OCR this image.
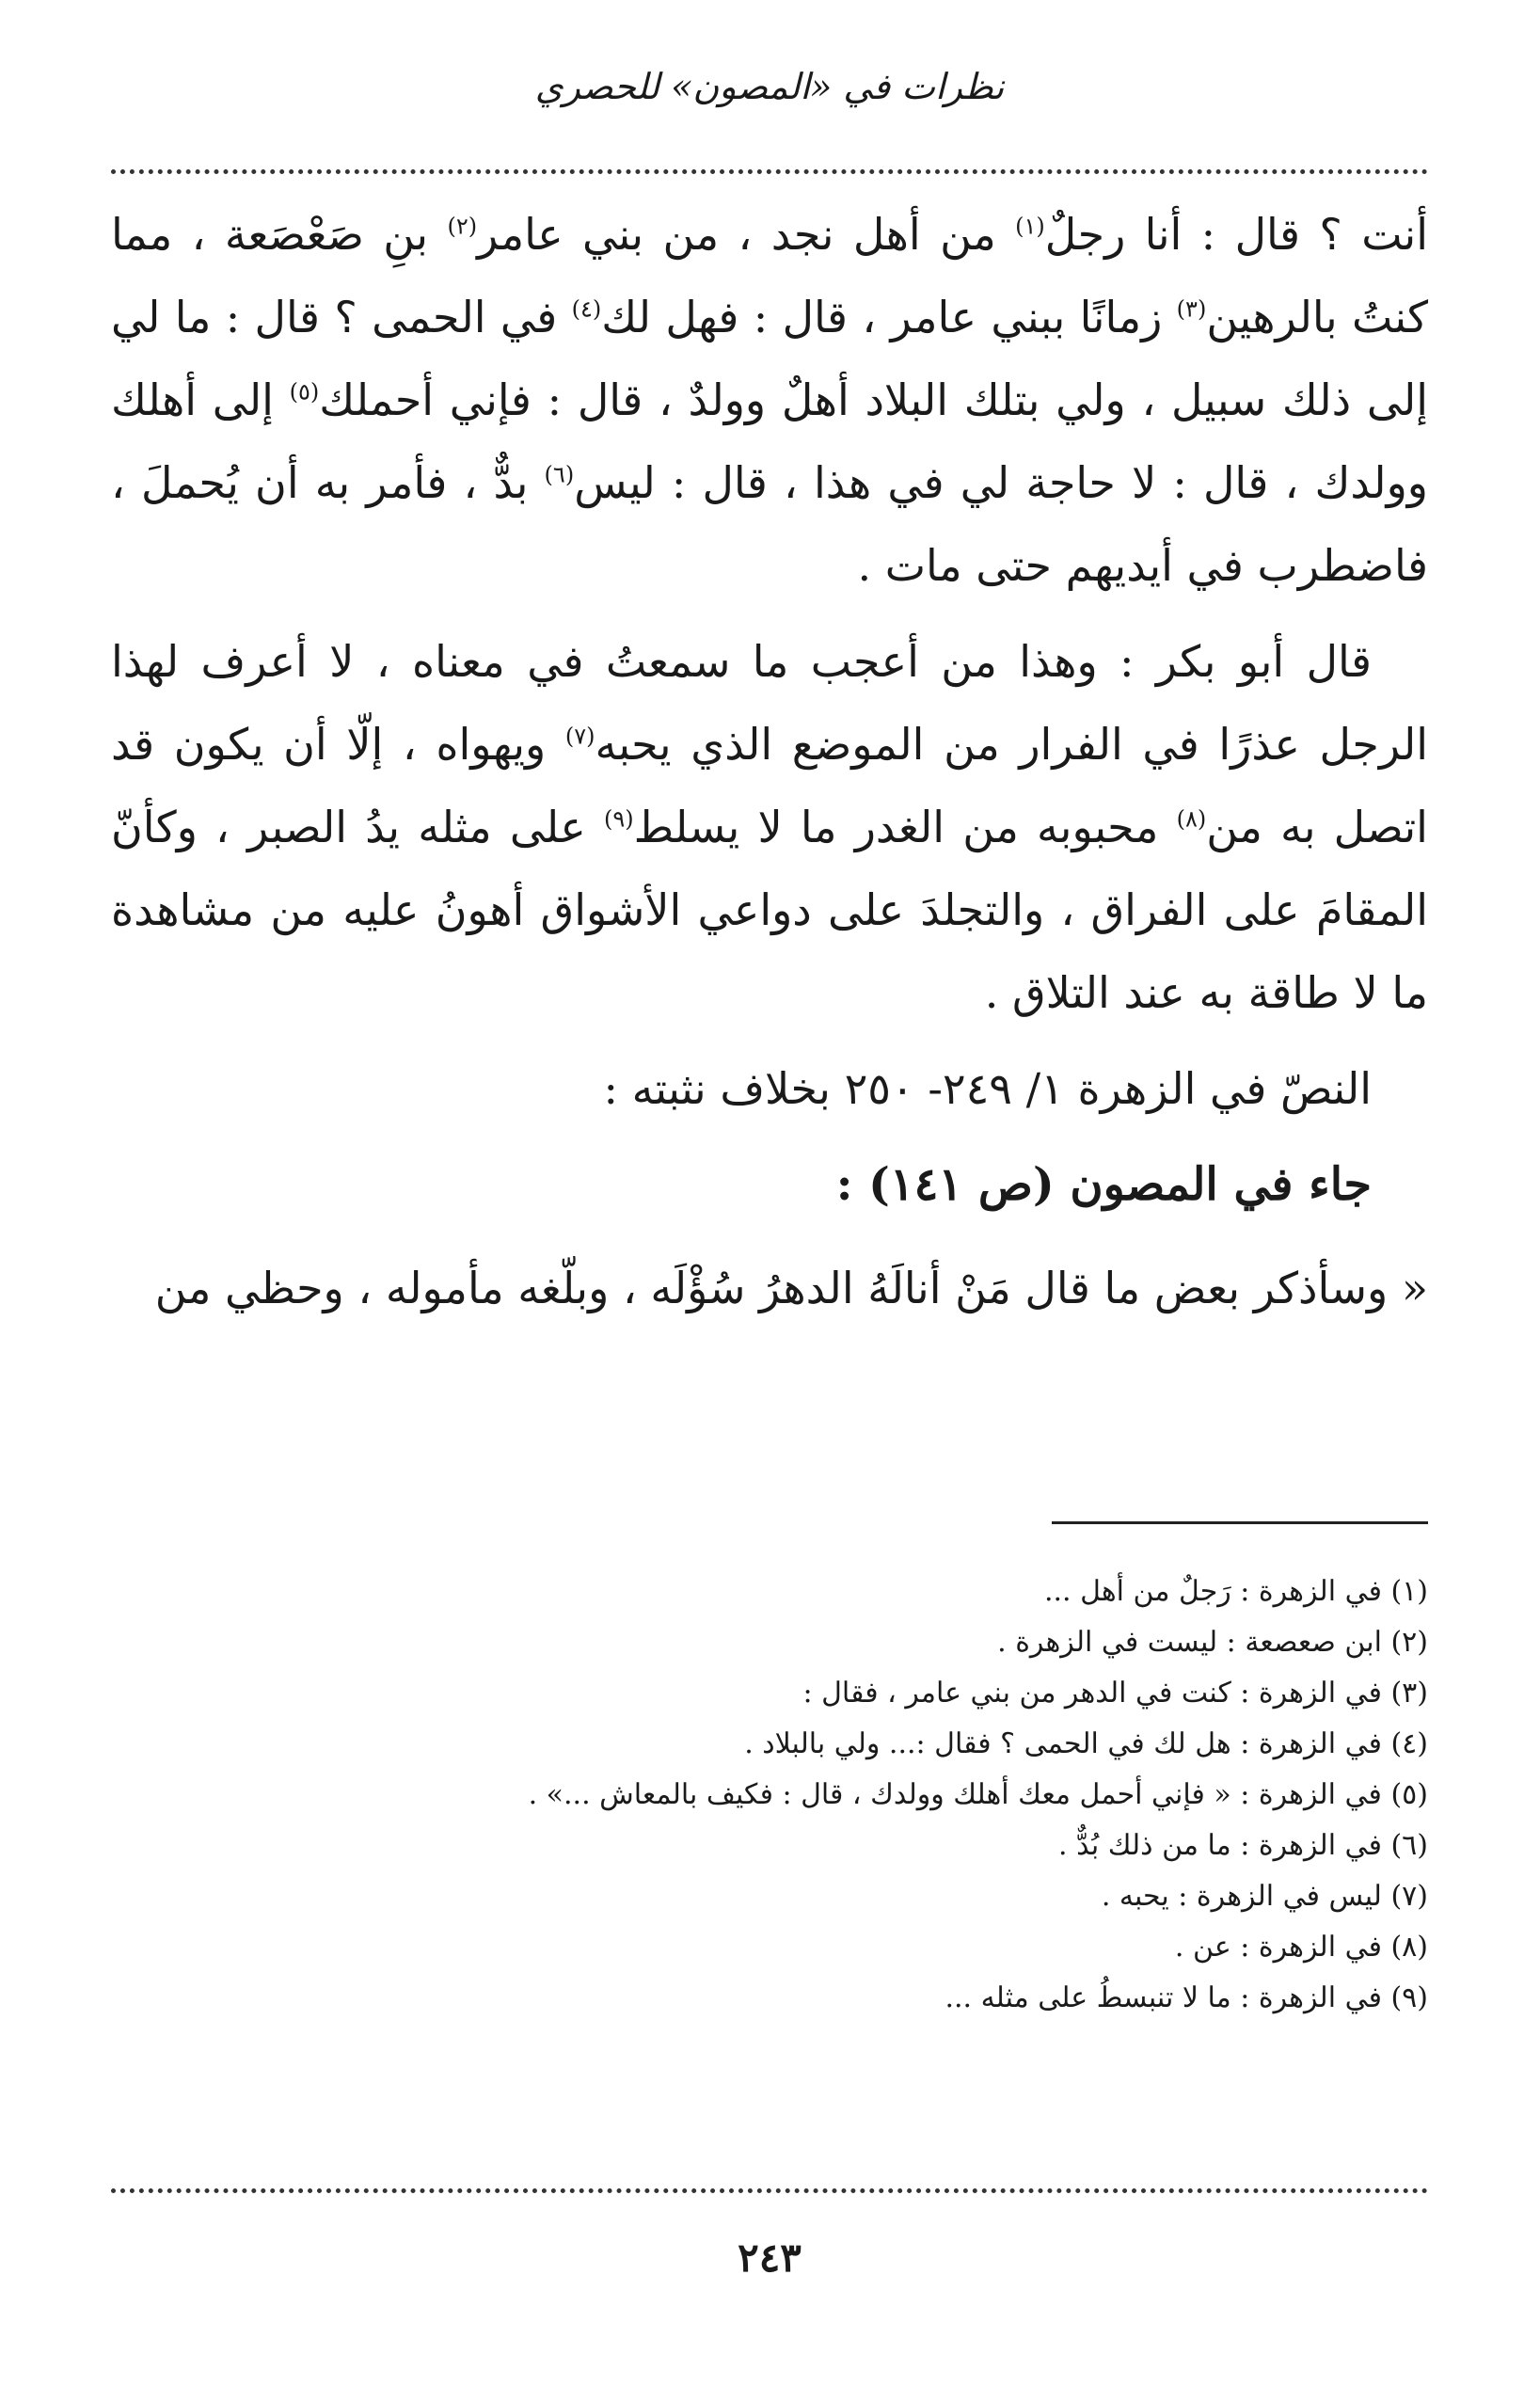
نظرات في «المصون» للحصري

أنت ؟ قال : أنا رجلٌ$^{(١)}$ من أهل نجد ، من بني عامر$^{(٢)}$ بنِ صَعْصَعة ، مما كنتُ بالرهين$^{(٣)}$ زمانًا ببني عامر ، قال : فهل لك$^{(٤)}$ في الحمى ؟ قال : ما لي إلى ذلك سبيل ، ولي بتلك البلاد أهلٌ وولدٌ ، قال : فإني أحملك$^{(٥)}$ إلى أهلك وولدك ، قال : لا حاجة لي في هذا ، قال : ليس$^{(٦)}$ بدٌّ ، فأمر به أن يُحملَ ، فاضطرب في أيديهم حتى مات .

قال أبو بكر : وهذا من أعجب ما سمعتُ في معناه ، لا أعرف لهذا الرجل عذرًا في الفرار من الموضع الذي يحبه$^{(٧)}$ ويهواه ، إلّا أن يكون قد اتصل به من$^{(٨)}$ محبوبه من الغدر ما لا يسلط$^{(٩)}$ على مثله يدُ الصبر ، وكأنّ المقامَ على الفراق ، والتجلدَ على دواعي الأشواق أهونُ عليه من مشاهدة ما لا طاقة به عند التلاق .

النصّ في الزهرة ١/ ٢٤٩- ٢٥٠ بخلاف نثبته :

جاء في المصون (ص ١٤١) :

« وسأذكر بعض ما قال مَنْ أنالَهُ الدهرُ سُؤْلَه ، وبلّغه مأموله ، وحظي من

(١) في الزهرة : رَجلٌ من أهل ...

(٢) ابن صعصعة : ليست في الزهرة .

(٣) في الزهرة : كنت في الدهر من بني عامر ، فقال :

(٤) في الزهرة : هل لك في الحمى ؟ فقال :... ولي بالبلاد .

(٥) في الزهرة : « فإني أحمل معك أهلك وولدك ، قال : فكيف بالمعاش ...» .

(٦) في الزهرة : ما من ذلك بُدٌّ .

(٧) ليس في الزهرة : يحبه .

(٨) في الزهرة : عن .

(٩) في الزهرة : ما لا تنبسطُ على مثله ...

٢٤٣
